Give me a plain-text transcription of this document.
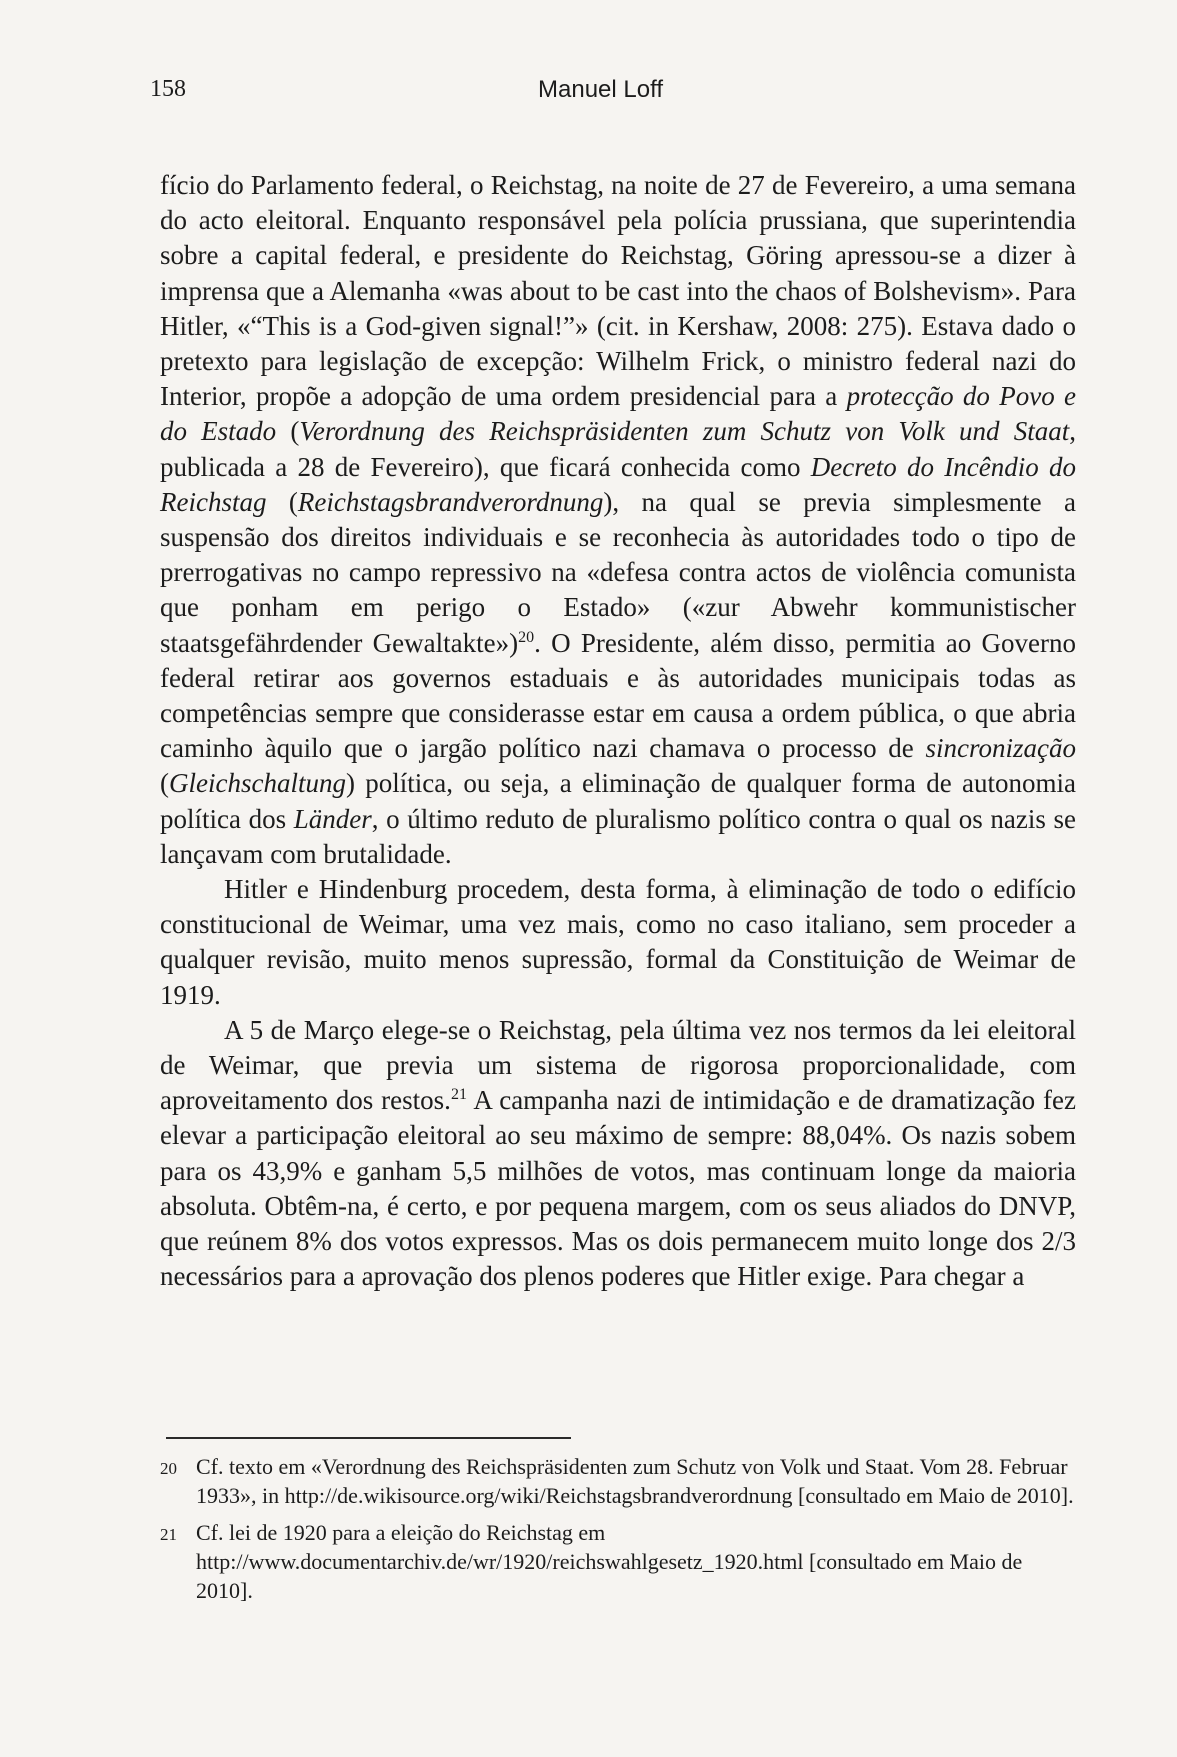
158	Manuel Loff

fício do Parlamento federal, o Reichstag, na noite de 27 de Fevereiro, a uma semana do acto eleitoral. Enquanto responsável pela polícia prussiana, que superintendia sobre a capital federal, e presidente do Reichstag, Göring apressou-se a dizer à imprensa que a Alemanha «was about to be cast into the chaos of Bolshevism». Para Hitler, «“This is a God-given signal!”» (cit. in Kershaw, 2008: 275). Estava dado o pretexto para legislação de excepção: Wilhelm Frick, o ministro federal nazi do Interior, propõe a adopção de uma ordem presidencial para a protecção do Povo e do Estado (Verordnung des Reichspräsidenten zum Schutz von Volk und Staat, publicada a 28 de Fevereiro), que ficará conhecida como Decreto do Incêndio do Reichstag (Reichstagsbrandverordnung), na qual se previa simplesmente a suspensão dos direitos individuais e se reconhecia às autoridades todo o tipo de prerrogativas no campo repressivo na «defesa contra actos de violência comunista que ponham em perigo o Estado» («zur Abwehr kommunistischer staatsgefährdender Gewaltakte»)$^{20}$. O Presidente, além disso, permitia ao Governo federal retirar aos governos estaduais e às autoridades municipais todas as competências sempre que considerasse estar em causa a ordem pública, o que abria caminho àquilo que o jargão político nazi chamava o processo de sincronização (Gleichschaltung) política, ou seja, a eliminação de qualquer forma de autonomia política dos Länder, o último reduto de pluralismo político contra o qual os nazis se lançavam com brutalidade.

Hitler e Hindenburg procedem, desta forma, à eliminação de todo o edifício constitucional de Weimar, uma vez mais, como no caso italiano, sem proceder a qualquer revisão, muito menos supressão, formal da Constituição de Weimar de 1919.

A 5 de Março elege-se o Reichstag, pela última vez nos termos da lei eleitoral de Weimar, que previa um sistema de rigorosa proporcionalidade, com aproveitamento dos restos.$^{21}$ A campanha nazi de intimidação e de dramatização fez elevar a participação eleitoral ao seu máximo de sempre: 88,04%. Os nazis sobem para os 43,9% e ganham 5,5 milhões de votos, mas continuam longe da maioria absoluta. Obtêm-na, é certo, e por pequena margem, com os seus aliados do DNVP, que reúnem 8% dos votos expressos. Mas os dois permanecem muito longe dos 2/3 necessários para a aprovação dos plenos poderes que Hitler exige. Para chegar a

20 Cf. texto em «Verordnung des Reichspräsidenten zum Schutz von Volk und Staat. Vom 28. Februar 1933», in http://de.wikisource.org/wiki/Reichstagsbrandverordnung [consultado em Maio de 2010].
21 Cf. lei de 1920 para a eleição do Reichstag em http://www.documentarchiv.de/wr/1920/reichswahlgesetz_1920.html [consultado em Maio de 2010].
